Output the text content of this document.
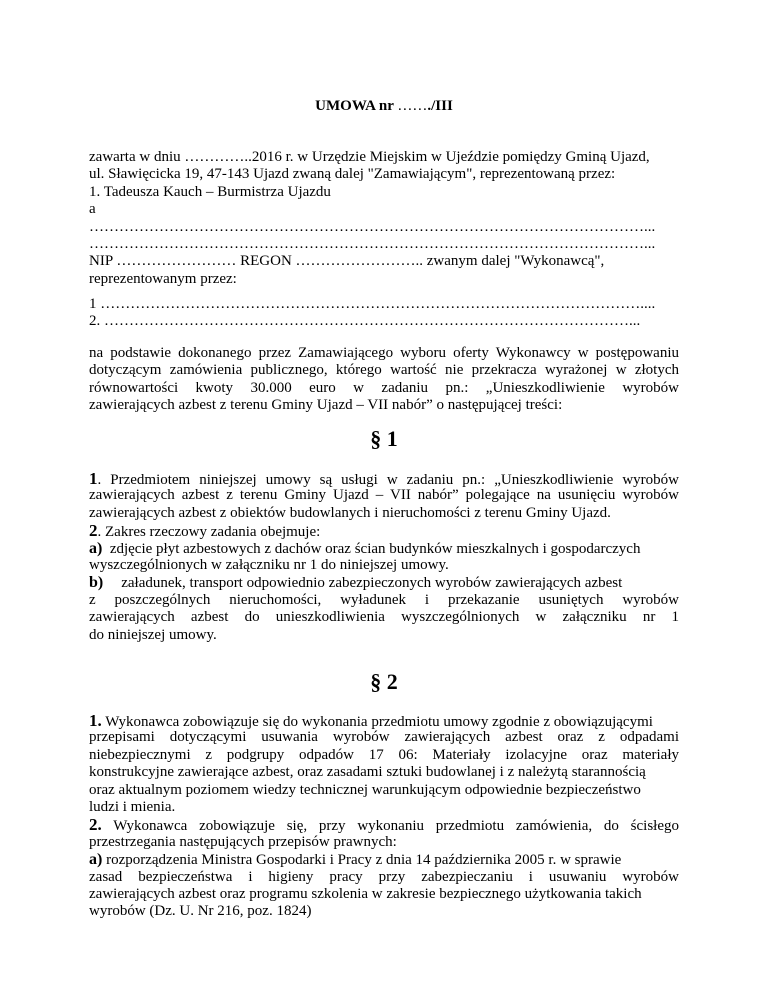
UMOWA nr ……./III
zawarta w dniu …………..2016 r. w Urzędzie Miejskim w Ujeździe pomiędzy Gminą Ujazd,
ul. Sławięcicka 19, 47-143 Ujazd zwaną dalej "Zamawiającym", reprezentowaną przez:
1. Tadeusza Kauch – Burmistrza Ujazdu
a
…………………………………………………………………………………………………...
…………………………………………………………………………………………………...
NIP …………………… REGON …………………….. zwanym dalej "Wykonawcą",
reprezentowanym przez:
1 ………………………………………………………………………………………………....
2. ……………………………………………………………………………………………...
na podstawie dokonanego przez Zamawiającego wyboru oferty Wykonawcy w postępowaniu
dotyczącym zamówienia publicznego, którego wartość nie przekracza wyrażonej w złotych
równowartości kwoty 30.000 euro w zadaniu pn.: „Unieszkodliwienie wyrobów
zawierających azbest z terenu Gminy Ujazd – VII nabór” o następującej treści:
§ 1
1. Przedmiotem niniejszej umowy są usługi w zadaniu pn.: „Unieszkodliwienie wyrobów
zawierających azbest z terenu Gminy Ujazd – VII nabór” polegające na usunięciu wyrobów
zawierających azbest z obiektów budowlanych i nieruchomości z terenu Gminy Ujazd.
2. Zakres rzeczowy zadania obejmuje:
a)  zdjęcie płyt azbestowych z dachów oraz ścian budynków mieszkalnych i gospodarczych
wyszczególnionych w załączniku nr 1 do niniejszej umowy.
b) załadunek, transport odpowiednio zabezpieczonych wyrobów zawierających azbest
z poszczególnych nieruchomości, wyładunek i przekazanie usuniętych wyrobów
zawierających azbest do unieszkodliwienia wyszczególnionych w załączniku nr 1
do niniejszej umowy.
§ 2
1. Wykonawca zobowiązuje się do wykonania przedmiotu umowy zgodnie z obowiązującymi
przepisami dotyczącymi usuwania wyrobów zawierających azbest oraz z odpadami
niebezpiecznymi z podgrupy odpadów 17 06: Materiały izolacyjne oraz materiały
konstrukcyjne zawierające azbest, oraz zasadami sztuki budowlanej i z należytą starannością
oraz aktualnym poziomem wiedzy technicznej warunkującym odpowiednie bezpieczeństwo
ludzi i mienia.
2. Wykonawca zobowiązuje się, przy wykonaniu przedmiotu zamówienia, do ścisłego
przestrzegania następujących przepisów prawnych:
a) rozporządzenia Ministra Gospodarki i Pracy z dnia 14 października 2005 r. w sprawie
zasad bezpieczeństwa i higieny pracy przy zabezpieczaniu i usuwaniu wyrobów
zawierających azbest oraz programu szkolenia w zakresie bezpiecznego użytkowania takich
wyrobów (Dz. U. Nr 216, poz. 1824)
